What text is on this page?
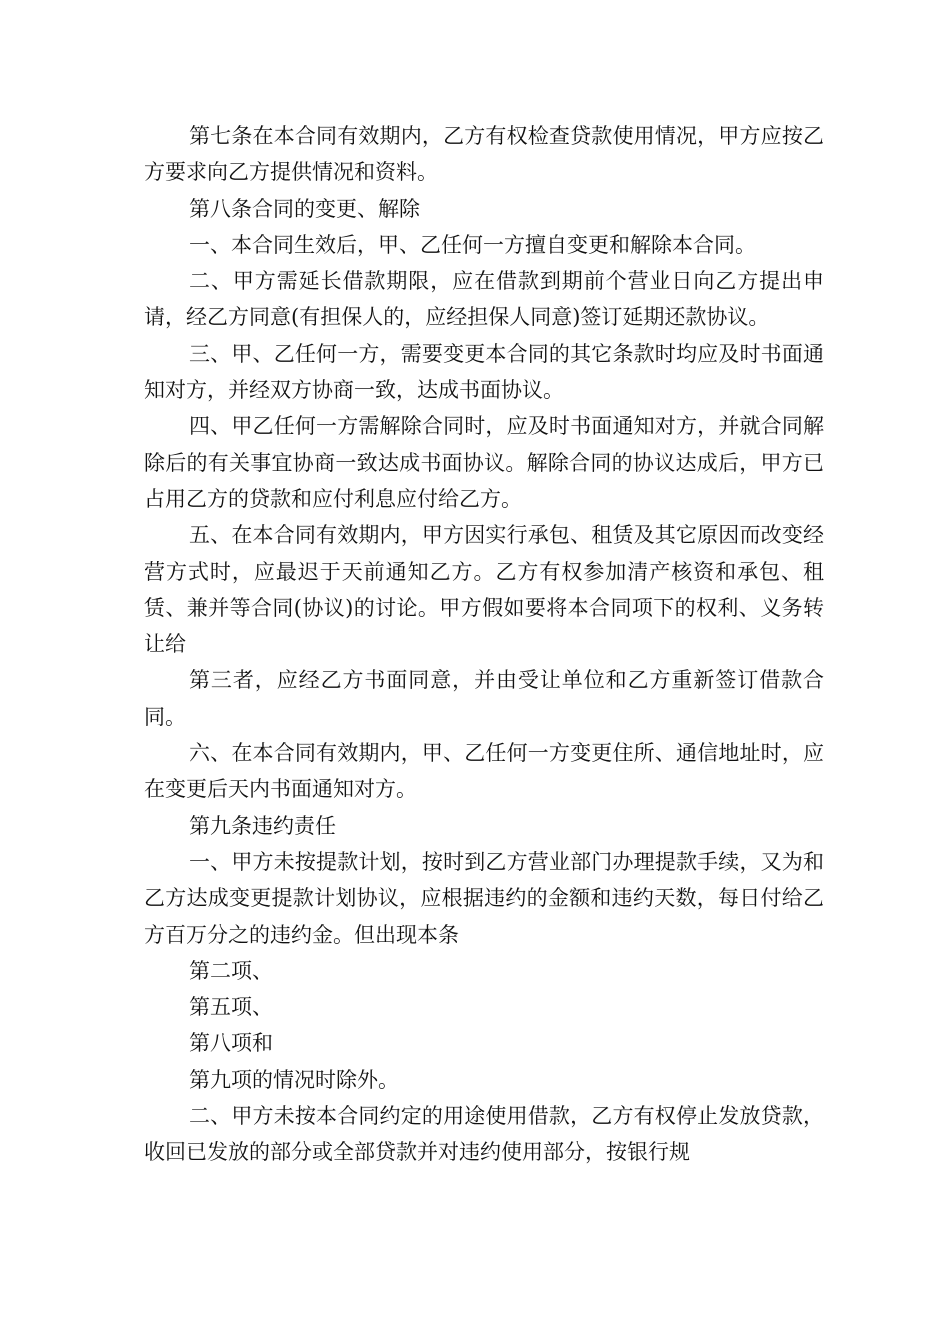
第七条在本合同有效期内，乙方有权检查贷款使用情况，甲方应按乙方要求向乙方提供情况和资料。

第八条合同的变更、解除

一、本合同生效后，甲、乙任何一方擅自变更和解除本合同。

二、甲方需延长借款期限，应在借款到期前个营业日向乙方提出申请，经乙方同意(有担保人的，应经担保人同意)签订延期还款协议。

三、甲、乙任何一方，需要变更本合同的其它条款时均应及时书面通知对方，并经双方协商一致，达成书面协议。

四、甲乙任何一方需解除合同时，应及时书面通知对方，并就合同解除后的有关事宜协商一致达成书面协议。解除合同的协议达成后，甲方已占用乙方的贷款和应付利息应付给乙方。

五、在本合同有效期内，甲方因实行承包、租赁及其它原因而改变经营方式时，应最迟于天前通知乙方。乙方有权参加清产核资和承包、租赁、兼并等合同(协议)的讨论。甲方假如要将本合同项下的权利、义务转让给

第三者，应经乙方书面同意，并由受让单位和乙方重新签订借款合同。

六、在本合同有效期内，甲、乙任何一方变更住所、通信地址时，应在变更后天内书面通知对方。

第九条违约责任

一、甲方未按提款计划，按时到乙方营业部门办理提款手续，又为和乙方达成变更提款计划协议，应根据违约的金额和违约天数，每日付给乙方百万分之的违约金。但出现本条

第二项、

第五项、

第八项和

第九项的情况时除外。

二、甲方未按本合同约定的用途使用借款，乙方有权停止发放贷款，收回已发放的部分或全部贷款并对违约使用部分，按银行规
